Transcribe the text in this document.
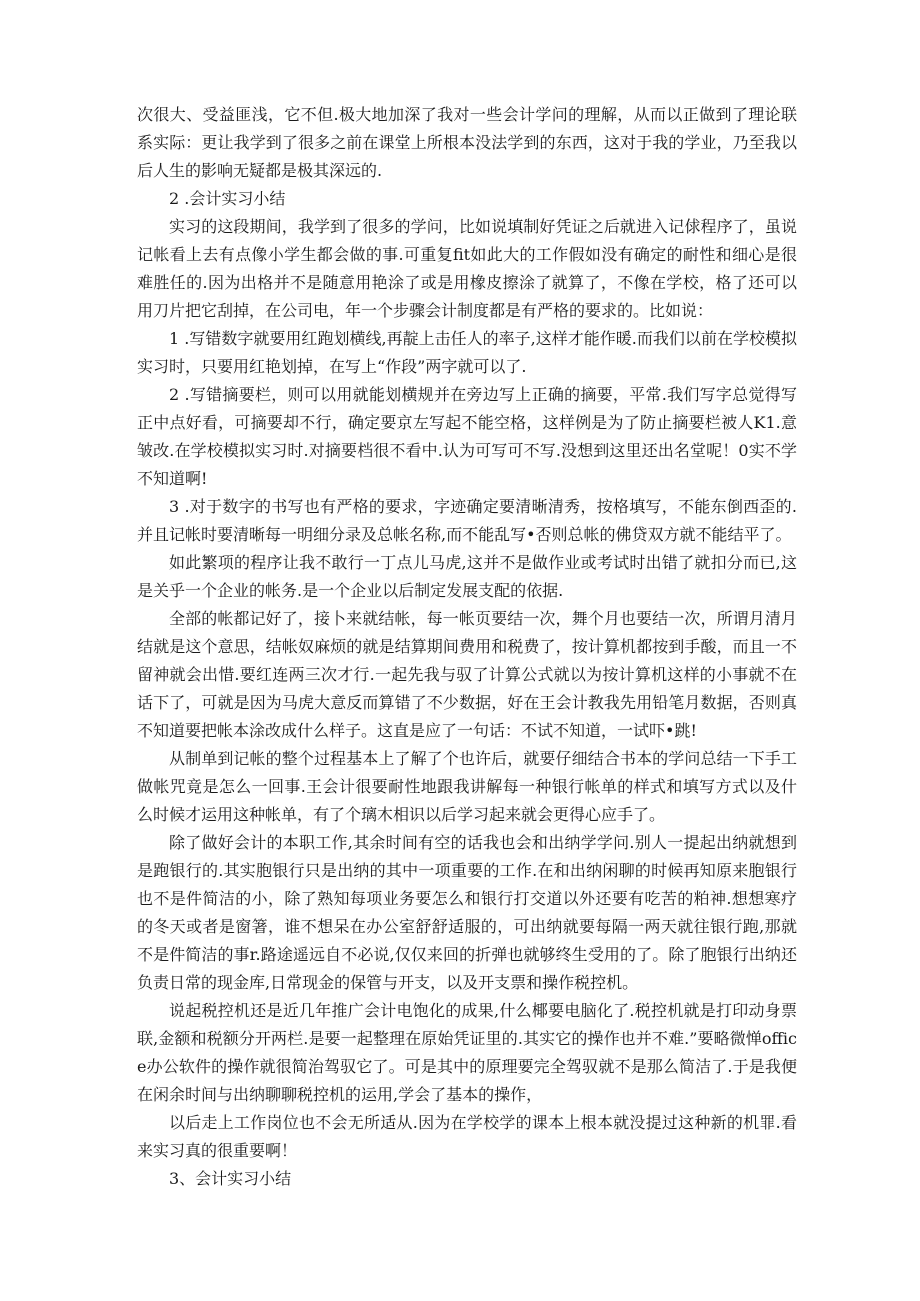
次很大、受益匪浅，它不但.极大地加深了我对一些会计学问的理解，从而以正做到了理论联系实际：更让我学到了很多之前在课堂上所根本没法学到的东西，这对于我的学业，乃至我以后人生的影响无疑都是极其深远的.

2 .会计实习小结

实习的这段期间，我学到了很多的学问，比如说填制好凭证之后就进入记俅程序了，虽说记帐看上去有点像小学生都会做的事.可重复fit如此大的工作假如没有确定的耐性和细心是很难胜任的.因为出格并不是随意用艳涂了或是用橡皮擦涂了就算了，不像在学校，格了还可以用刀片把它刮掉，在公司电，年一个步骤会计制度都是有严格的要求的。比如说：

1 .写错数字就要用红跑划横线,再靛上击任人的率子,这样才能作暖.而我们以前在学校模拟实习时，只要用红艳划掉，在写上“作段”两字就可以了.

2 .写错摘要栏，则可以用就能划横规并在旁边写上正确的摘要，平常.我们写字总觉得写正中点好看，可摘要却不行，确定要京左写起不能空格，这样例是为了防止摘要栏被人K1.意皱改.在学校模拟实习时.对摘要档很不看中.认为可写可不写.没想到这里还出名堂呢！0实不学不知道啊!

3 .对于数字的书写也有严格的要求，字迹确定要清晰清秀，按格填写，不能东倒西歪的.并且记帐时要清晰每一明细分录及总帐名称,而不能乱写•否则总帐的佛贷双方就不能结平了。

如此繁项的程序让我不敢行一丁点儿马虎,这并不是做作业或考试时出错了就扣分而已,这是关乎一个企业的帐务.是一个企业以后制定发展支配的依据.

全部的帐都记好了，接卜来就结帐，每一帐页要结一次，舞个月也要结一次，所谓月清月结就是这个意思，结帐奴麻烦的就是结算期间费用和税费了，按计算机都按到手酸，而且一不留神就会出惜.要红连两三次才行.一起先我与驭了计算公式就以为按计算机这样的小事就不在话下了，可就是因为马虎大意反而算错了不少数据，好在王会计教我先用铅笔月数据，否则真不知道要把帐本涂改成什么样子。这直是应了一句话：不试不知道，一试吓•跳!

从制单到记帐的整个过程基本上了解了个也许后，就要仔细结合书本的学问总结一下手工做帐咒竟是怎么一回事.王会计很要耐性地跟我讲解每一种银行帐单的样式和填写方式以及什么时候才运用这种帐单，有了个璃木相识以后学习起来就会更得心应手了。

除了做好会计的本职工作,其余时间有空的话我也会和出纳学学问.别人一提起出纳就想到是跑银行的.其实胞银行只是出纳的其中一项重要的工作.在和出纳闲聊的时候再知原来胞银行也不是件简洁的小，除了熟知每项业务要怎么和银行打交道以外还要有吃苦的粕神.想想寒疗的冬天或者是窗箸，谁不想呆在办公室舒舒适服的，可出纳就要每隔一两天就往银行跑,那就不是件简洁的事r.路途遥远自不必说,仅仅来回的折弹也就够终生受用的了。除了胞银行出纳还负责日常的现金库,日常现金的保管与开支，以及开支票和操作税控机。

说起税控机还是近几年推广会计电饱化的成果,什么椰要电脑化了.税控机就是打印动身票联,金额和税额分开两栏.是要一起整理在原始凭证里的.其实它的操作也并不难.”要略微惮office办公软件的操作就很简治驾驭它了。可是其中的原理要完全驾驭就不是那么简洁了.于是我便在闲余时间与出纳聊聊税控机的运用,学会了基本的操作，

以后走上工作岗位也不会无所适从.因为在学校学的课本上根本就没提过这种新的机罪.看来实习真的很重要啊！

3、会计实习小结
